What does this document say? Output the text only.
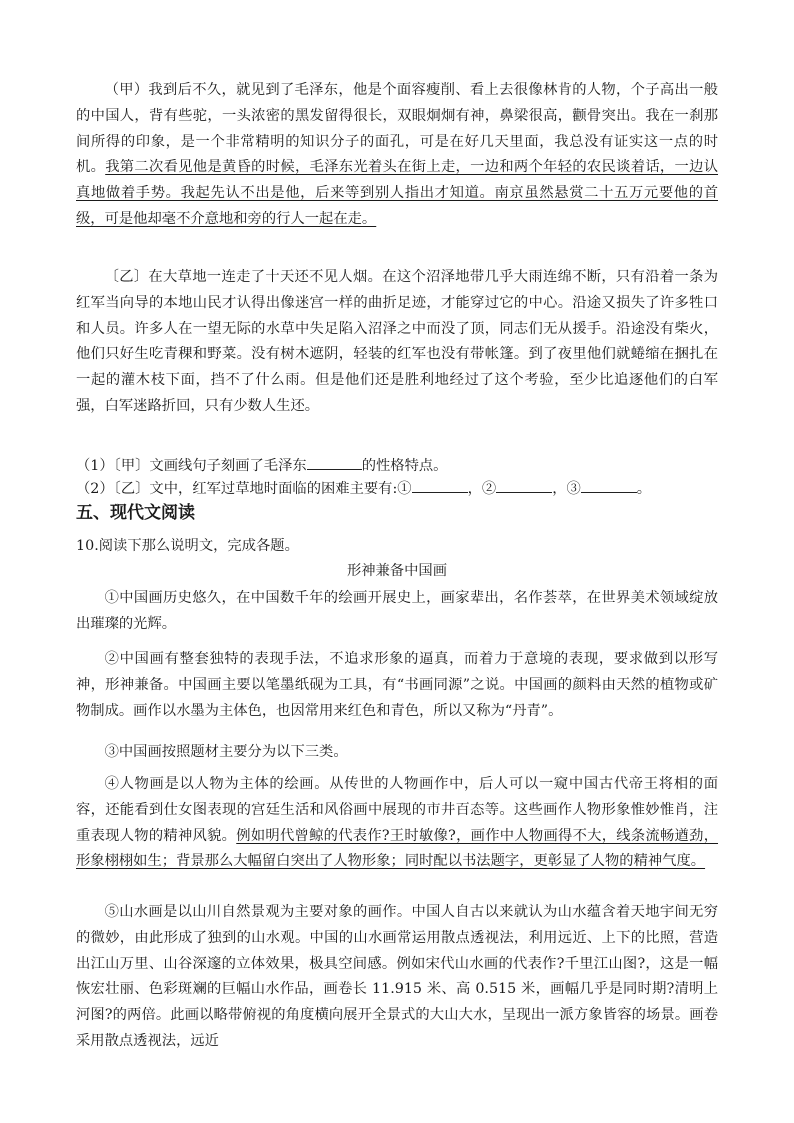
（甲）我到后不久，就见到了毛泽东，他是个面容瘦削、看上去很像林肯的人物，个子高出一般的中国人，背有些驼，一头浓密的黑发留得很长，双眼炯炯有神，鼻梁很高，颧骨突出。我在一刹那间所得的印象，是一个非常精明的知识分子的面孔，可是在好几天里面，我总没有证实这一点的时机。我第二次看见他是黄昏的时候，毛泽东光着头在街上走，一边和两个年轻的农民谈着话，一边认真地做着手势。我起先认不出是他，后来等到别人指出才知道。南京虽然悬赏二十五万元要他的首级，可是他却毫不介意地和旁的行人一起在走。

〔乙〕在大草地一连走了十天还不见人烟。在这个沼泽地带几乎大雨连绵不断，只有沿着一条为红军当向导的本地山民才认得出像迷宫一样的曲折足迹，才能穿过它的中心。沿途又损失了许多牲口和人员。许多人在一望无际的水草中失足陷入沼泽之中而没了顶，同志们无从援手。沿途没有柴火，他们只好生吃青稞和野菜。没有树木遮阴，轻装的红军也没有带帐篷。到了夜里他们就蜷缩在捆扎在一起的灌木枝下面，挡不了什么雨。但是他们还是胜利地经过了这个考验，至少比追逐他们的白军强，白军迷路折回，只有少数人生还。

（1）〔甲〕文画线句子刻画了毛泽东	的性格特点。
（2）〔乙〕文中，红军过草地时面临的困难主要有:①	，②	，③	。
五、现代文阅读
10.阅读下那么说明文，完成各题。
形神兼备中国画

①中国画历史悠久，在中国数千年的绘画开展史上，画家辈出，名作荟萃，在世界美术领域绽放出璀璨的光辉。

②中国画有整套独特的表现手法，不追求形象的逼真，而着力于意境的表现，要求做到以形写神，形神兼备。中国画主要以笔墨纸砚为工具，有“书画同源”之说。中国画的颜料由天然的植物或矿物制成。画作以水墨为主体色，也因常用来红色和青色，所以又称为“丹青”。

③中国画按照题材主要分为以下三类。

④人物画是以人物为主体的绘画。从传世的人物画作中，后人可以一窥中国古代帝王将相的面容，还能看到仕女图表现的宫廷生活和风俗画中展现的市井百态等。这些画作人物形象惟妙惟肖，注重表现人物的精神风貌。例如明代曾鲸的代表作?王时敏像?，画作中人物画得不大，线条流畅遒劲，形象栩栩如生；背景那么大幅留白突出了人物形象；同时配以书法题字，更彰显了人物的精神气度。

⑤山水画是以山川自然景观为主要对象的画作。中国人自古以来就认为山水蕴含着天地宇间无穷的微妙，由此形成了独到的山水观。中国的山水画常运用散点透视法，利用远近、上下的比照，营造出江山万里、山谷深邃的立体效果，极具空间感。例如宋代山水画的代表作?千里江山图?，这是一幅恢宏壮丽、色彩斑斓的巨幅山水作品，画卷长 11.915 米、高 0.515 米，画幅几乎是同时期?清明上河图?的两倍。此画以略带俯视的角度横向展开全景式的大山大水，呈现出一派方象皆容的场景。画卷采用散点透视法，远近
